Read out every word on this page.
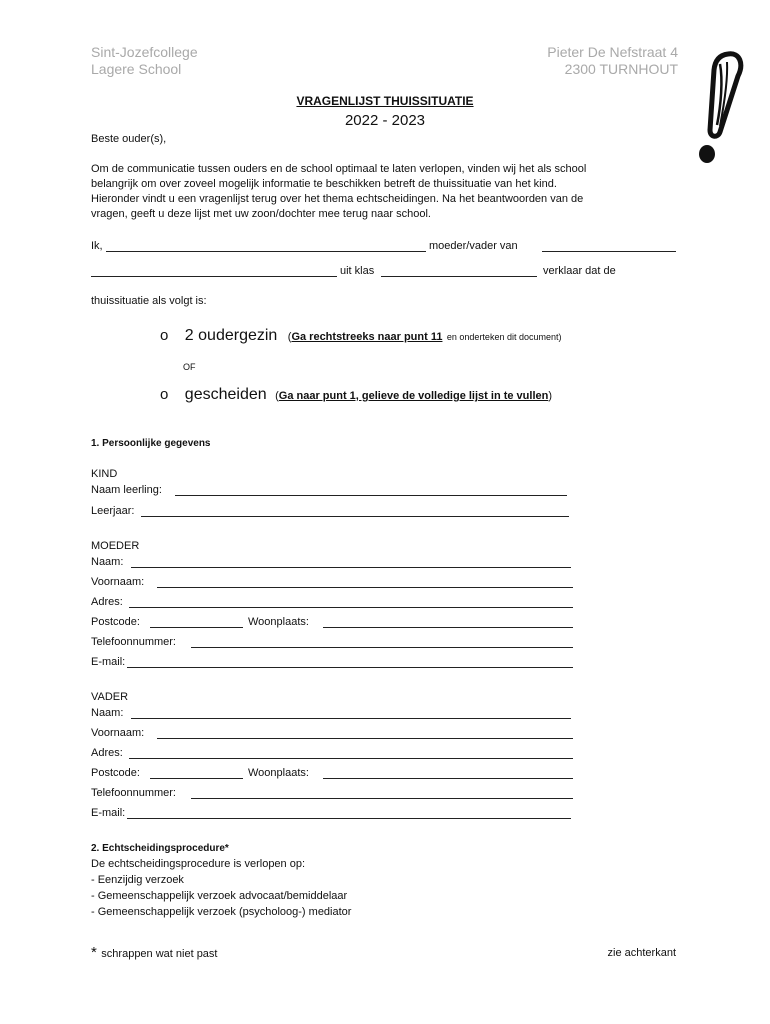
Sint-Jozefcollege
Lagere School
Pieter De Nefstraat 4
2300 TURNHOUT
VRAGENLIJST THUISSITUATIE
2022 - 2023
Beste ouder(s),
Om de communicatie tussen ouders en de school optimaal te laten verlopen, vinden wij het als school
belangrijk om over zoveel mogelijk informatie te beschikken betreft de thuissituatie van het kind.
Hieronder vindt u een vragenlijst terug over het thema echtscheidingen. Na het beantwoorden van de
vragen, geeft u deze lijst met uw zoon/dochter mee terug naar school.
Ik,	moeder/vader van
uit klas	verklaar dat de
thuissituatie als volgt is:
o 2 oudergezin (Ga rechtstreeks naar punt 11 en onderteken dit document)
OF
o gescheiden (Ga naar punt 1, gelieve de volledige lijst in te vullen)
1. Persoonlijke gegevens
KIND
Naam leerling:
Leerjaar:
MOEDER
Naam:
Voornaam:
Adres:
Postcode:	Woonplaats:
Telefoonnummer:
E-mail:
VADER
Naam:
Voornaam:
Adres:
Postcode:	Woonplaats:
Telefoonnummer:
E-mail:
2. Echtscheidingsprocedure*
De echtscheidingsprocedure is verlopen op:
- Eenzijdig verzoek
- Gemeenschappelijk verzoek advocaat/bemiddelaar
- Gemeenschappelijk verzoek (psycholoog-) mediator
* schrappen wat niet past	zie achterkant
